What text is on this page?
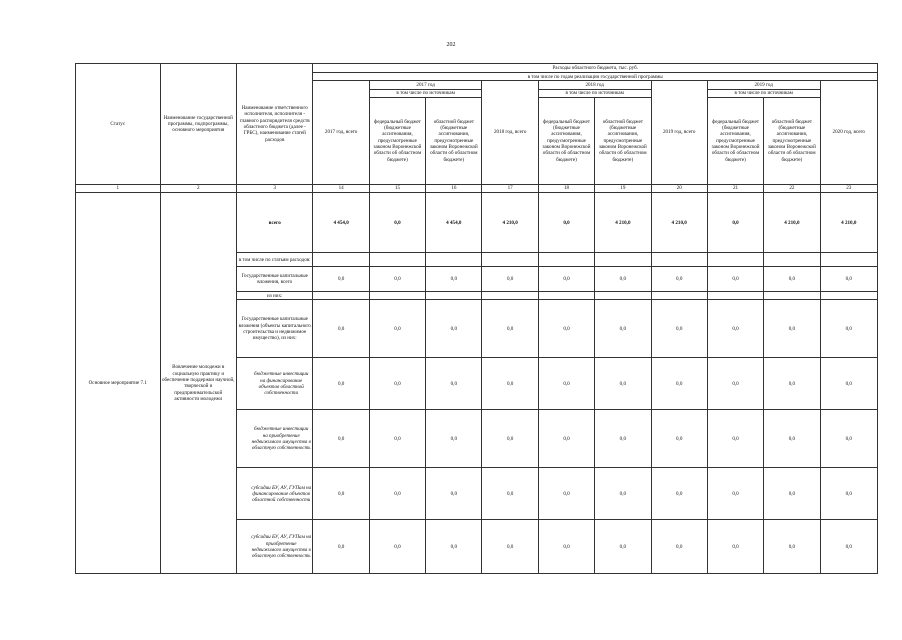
202
Статус	Наименование государственной программы, подпрограммы, основного мероприятия	Наименование ответственного исполнителя, исполнителя - главного распорядителя средств областного бюджета (далее - ГРБС), наименование статей расходов	Расходы областного бюджета, тыс. руб.									
			в том числе по годам реализации государственной программы									
			2017 год, всего	2017 год		2018 год, всего	2018 год		2019 год, всего	2019 год		2020 год, всего
				в том числе по источникам			в том числе по источникам			в том числе по источникам		
				федеральный бюджет (бюджетные ассигнования, предусмотренные законом Воронежской области об областном бюджете)	областной бюджет (бюджетные ассигнования, предусмотренные законом Воронежской области об областном бюджете)		федеральный бюджет (бюджетные ассигнования, предусмотренные законом Воронежской области об областном бюджете)	областной бюджет (бюджетные ассигнования, предусмотренные законом Воронежской области об областном бюджете)		федеральный бюджет (бюджетные ассигнования, предусмотренные законом Воронежской области об областном бюджете)	областной бюджет (бюджетные ассигнования, предусмотренные законом Воронежской области об областном бюджете)	
1	2	3	14	15	16	17	18	19	20	21	22	23
Основное мероприятие 7.1	Вовлечение молодежи в социальную практику и обеспечение поддержки научной, творческой и предпринимательской активности молодежи	всего	4 454,0	0,0	4 454,0	4 210,0	0,0	4 210,0	4 210,0	0,0	4 210,0	4 210,0
		в том числе по статьям расходов:										
		Государственные капитальные вложения, всего	0,0	0,0	0,0	0,0	0,0	0,0	0,0	0,0	0,0	0,0
		из них:										
		Государственные капитальные вложения (объекты капитального строительства и недвижимое имущество), из них:	0,0	0,0	0,0	0,0	0,0	0,0	0,0	0,0	0,0	0,0
		бюджетные инвестиции на финансирование объектов областной собственности	0,0	0,0	0,0	0,0	0,0	0,0	0,0	0,0	0,0	0,0
		бюджетные инвестиции на приобретение недвижимого имущества в областную собственность	0,0	0,0	0,0	0,0	0,0	0,0	0,0	0,0	0,0	0,0
		субсидии БУ, АУ, ГУПам на финансирование объектов областной собственности	0,0	0,0	0,0	0,0	0,0	0,0	0,0	0,0	0,0	0,0
		субсидии БУ, АУ, ГУПам на приобретение недвижимого имущества в областную собственность	0,0	0,0	0,0	0,0	0,0	0,0	0,0	0,0	0,0	0,0
